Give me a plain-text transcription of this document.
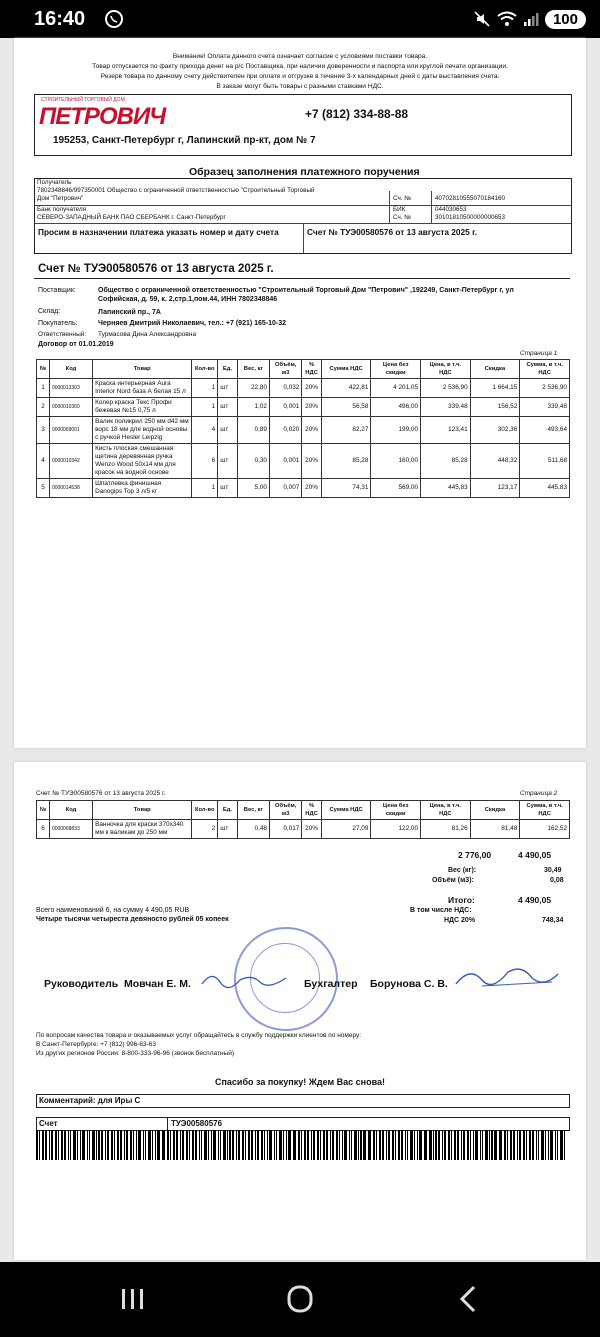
16:40	100
Внимание! Оплата данного счета означает согласие с условиями поставки товара.
Товар отпускается по факту прихода денег на р/с Поставщика, при наличии доверенности и паспорта или круглой печати организации.
Резерв товара по данному счету действителен при оплате и отгрузке в течение 3-х календарных дней с даты выставления счета.
В заказе могут быть товары с разными ставками НДС.
СТРОИТЕЛЬНЫЙ ТОРГОВЫЙ ДОМ
ПЕТРОВИЧ	+7 (812) 334-88-88
195253, Санкт-Петербург г, Лапинский пр-кт, дом № 7
Образец заполнения платежного поручения
Получатель
7802348846/997350001 Общество с ограниченной ответственностью "Строительный Торговый
Дом "Петрович"	Сч. №	40702810555070184160
Банк получателя
СЕВЕРО-ЗАПАДНЫЙ БАНК ПАО СБЕРБАНК г. Санкт-Петербург
БИК	044030653
Сч. №	30101810500000000653
Просим в назначении платежа указать номер и дату счета	Счет № ТУЭ00580576 от 13 августа 2025 г.
Счет № ТУЭ00580576 от 13 августа 2025 г.
Поставщик:	Общество с ограниченной ответственностью "Строительный Торговый Дом "Петрович" ,192249, Санкт-Петербург г, ул
Софийская, д. 59, к. 2,стр.1,пом.44, ИНН 7802348846
Склад:	Лапинский пр., 7А
Покупатель:	Черняев Дмитрий Николаевич, тел.: +7 (921) 165-10-32
Ответственный: Турмасова Дина Александровна
Договор от 01.01.2019
Страница 1
№	Код	Товар	Кол-во	Ед.	Вес, кг	Объём, м3	% НДС	Сумма НДС	Цена без скидки	Цена, в т.ч. НДС	Скидка	Сумма, в т.ч. НДС
1	0000013303	Краска интерьерная Aura Interior Nord база А белая 15 л	1	шт	22,80	0,032	20%	422,81	4 201,05	2 536,90	1 664,15	2 536,90
2	0000010360	Колер краска Текс Профи бежевая №15 0,75 л	1	шт	1,02	0,001	20%	56,58	496,00	339,48	156,52	339,48
3	0000069001	Валик поликрил 250 мм d42 мм ворс 18 мм для водной основы с ручкой Hesler Leipzig	4	шт	0,89	0,020	20%	82,27	199,00	123,41	302,36	493,64
4	0000010342	Кисть плоская смешанная щетина деревянная ручка Wenzo Wood 50х14 мм для красок на водной основе	6	шт	0,30	0,001	20%	85,28	160,00	85,28	448,32	511,68
5	0000014538	Шпатлевка финишная Danogips Top 3 л/5 кг	1	шт	5,00	0,007	20%	74,31	569,00	445,83	123,17	445,83
Счет № ТУЭ00580576 от 13 августа 2025 г.	Страница 2
№	Код	Товар	Кол-во	Ед.	Вес, кг	Объём, м3	% НДС	Сумма НДС	Цена без скидки	Цена, в т.ч. НДС	Скидка	Сумма, в т.ч. НДС
6	0000068833	Ванночка для краски 370х340 мм к валикам до 250 мм	2	шт	0,48	0,017	20%	27,09	122,00	81,26	81,48	162,52
2 776,00	4 490,05
Вес (кг):	30,49
Объём (м3):	0,08
Итого:	4 490,05
Всего наименований 6, на сумму 4 490,05 RUB	В том числе НДС:
Четыре тысячи четыреста девяносто рублей 05 копеек	НДС 20%	748,34
Руководитель Мовчан Е. М.	Бухгалтер Борунова С. В.
По вопросам качества товара и оказываемых услуг обращайтесь в службу поддержки клиентов по номеру:
В Санкт-Петербурге: +7 (812) 996-63-63
Из других регионов России: 8-800-333-96-96 (звонок бесплатный)
Спасибо за покупку! Ждем Вас снова!
Комментарий: для Иры С
Счет	ТУЭ00580576
